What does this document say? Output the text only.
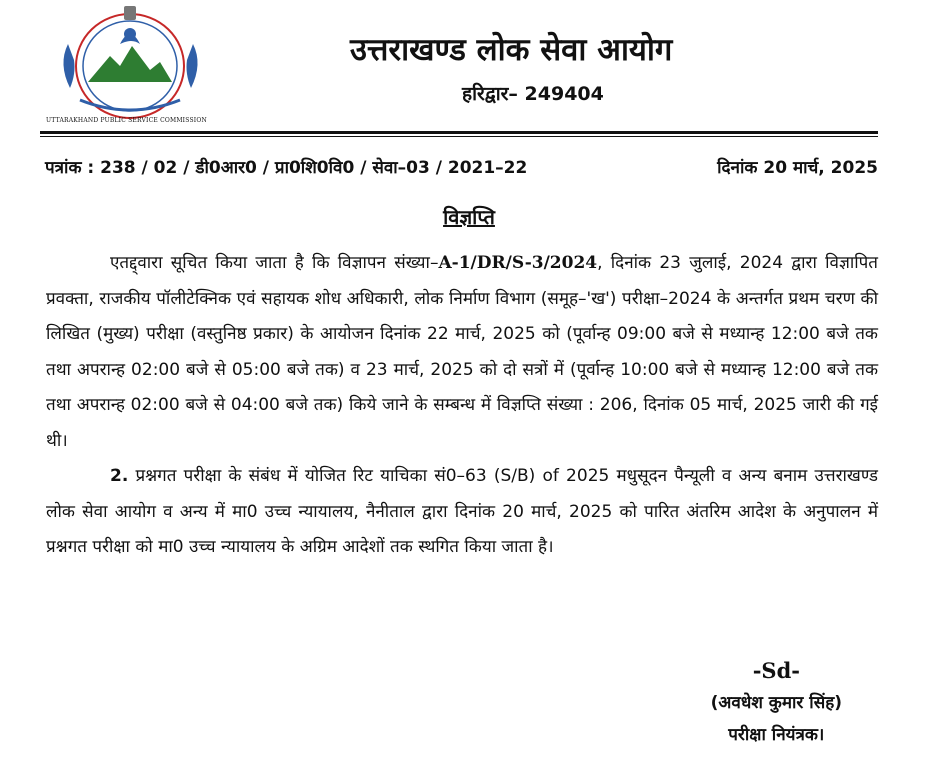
UTTARAKHAND PUBLIC SERVICE COMMISSION
उत्तराखण्ड लोक सेवा आयोग
हरिद्वार– 249404
पत्रांक : 238 / 02 / डी0आर0 / प्रा0शि0वि0 / सेवा–03 / 2021–22	दिनांक 20 मार्च, 2025
विज्ञप्ति

एतद्द्वारा सूचित किया जाता है कि विज्ञापन संख्या–A-1/DR/S-3/2024, दिनांक 23 जुलाई, 2024 द्वारा विज्ञापित प्रवक्ता, राजकीय पॉलीटेक्निक एवं सहायक शोध अधिकारी, लोक निर्माण विभाग (समूह–'ख') परीक्षा–2024 के अन्तर्गत प्रथम चरण की लिखित (मुख्य) परीक्षा (वस्तुनिष्ठ प्रकार) के आयोजन दिनांक 22 मार्च, 2025 को (पूर्वान्ह 09:00 बजे से मध्यान्ह 12:00 बजे तक तथा अपरान्ह 02:00 बजे से 05:00 बजे तक) व 23 मार्च, 2025 को दो सत्रों में (पूर्वान्ह 10:00 बजे से मध्यान्ह 12:00 बजे तक तथा अपरान्ह 02:00 बजे से 04:00 बजे तक) किये जाने के सम्बन्ध में विज्ञप्ति संख्या : 206, दिनांक 05 मार्च, 2025 जारी की गई थी।

2. प्रश्नगत परीक्षा के संबंध में योजित रिट याचिका सं0–63 (S/B) of 2025 मधुसूदन पैन्यूली व अन्य बनाम उत्तराखण्ड लोक सेवा आयोग व अन्य में मा0 उच्च न्यायालय, नैनीताल द्वारा दिनांक 20 मार्च, 2025 को पारित अंतरिम आदेश के अनुपालन में प्रश्नगत परीक्षा को मा0 उच्च न्यायालय के अग्रिम आदेशों तक स्थगित किया जाता है।

-Sd-
(अवधेश कुमार सिंह)
परीक्षा नियंत्रक।
